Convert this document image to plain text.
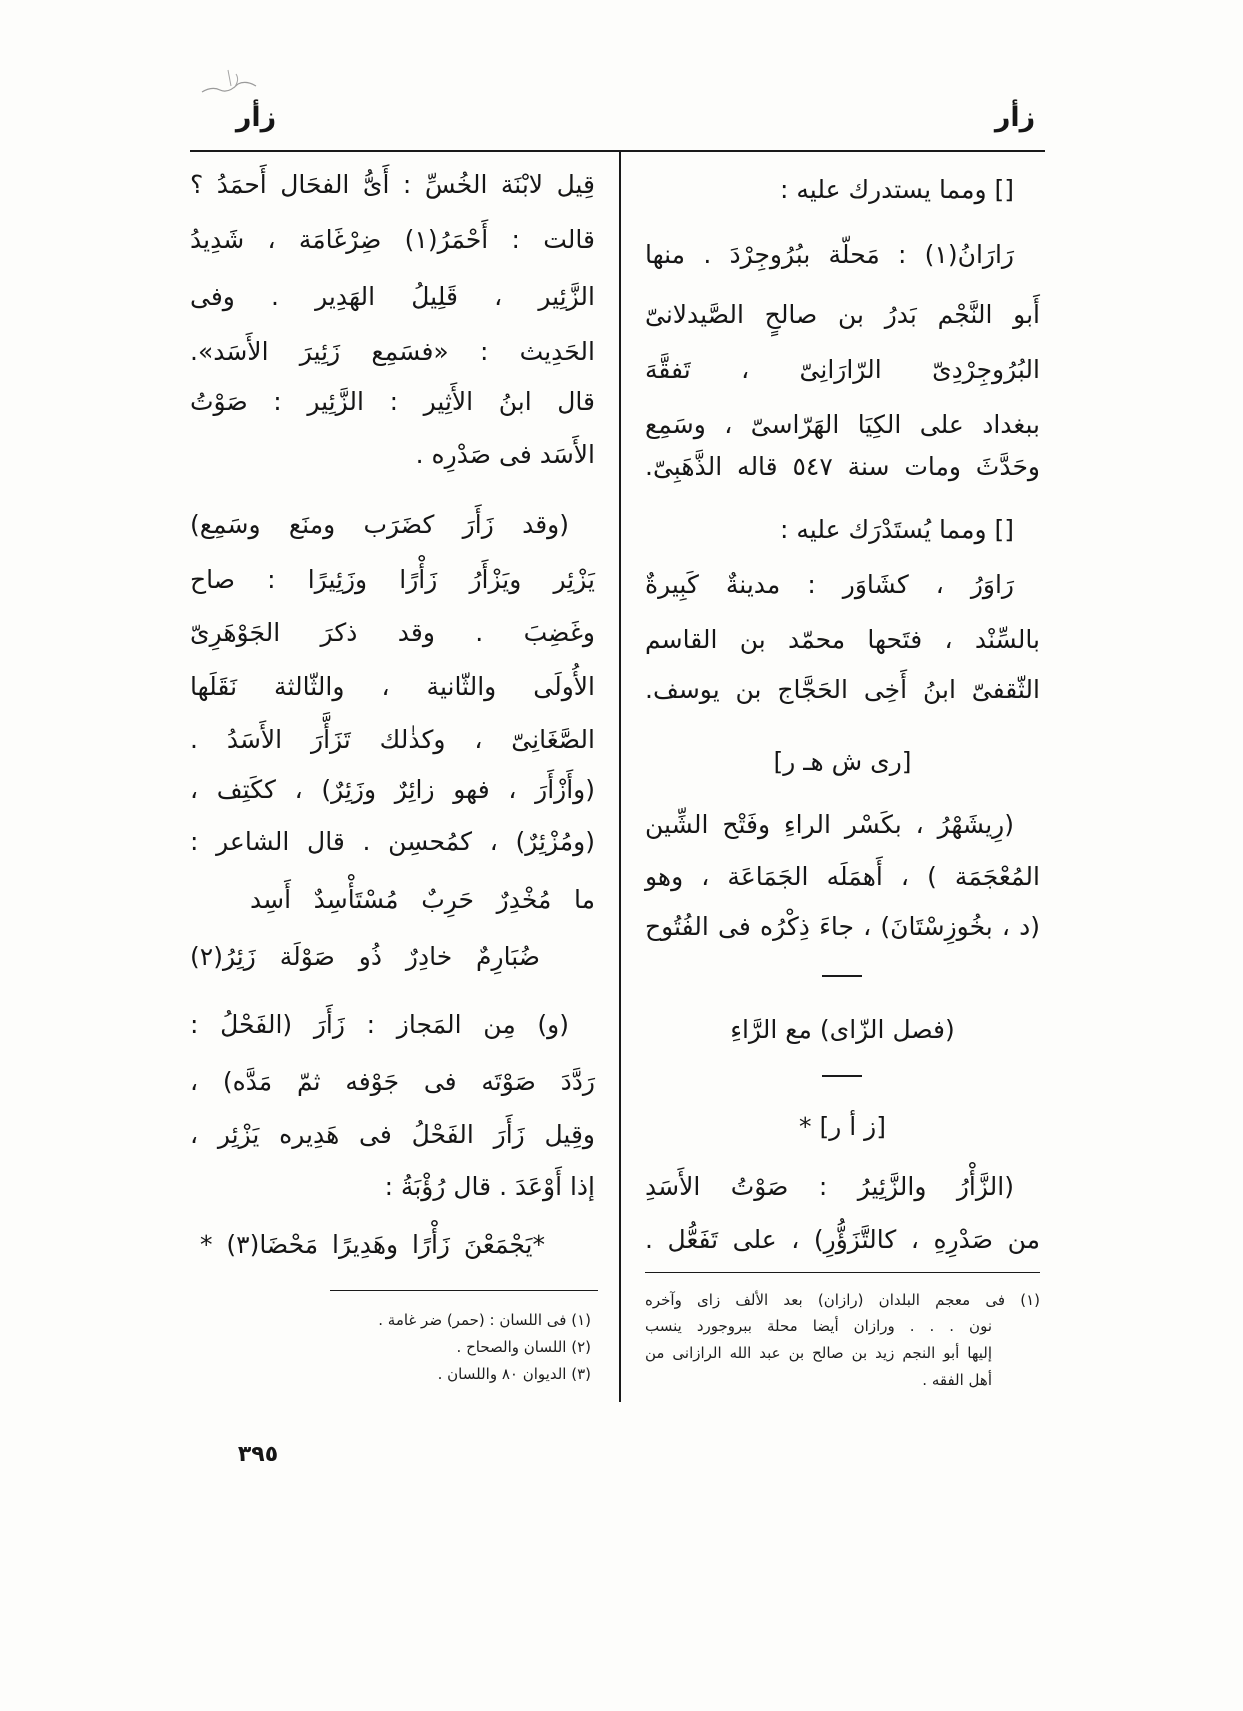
زأر
زأر
[] ومما يستدرك عليه :
رَارَانُ(١) : مَحلّة ببُرُوجِرْدَ . منها
أَبو النَّجْم بَدرُ بن صالحٍ الصَّيدلانىّ
البُرُوجِرْدِىّ الرّارَانِىّ ، تَفقَّهَ
ببغداد على الكِيَا الهَرّاسىّ ، وسَمِع
وحَدَّثَ ومات سنة ٥٤٧ قاله الذَّهَبِىّ.
[] ومما يُستَدْرَك عليه :
رَاوَرُ ، كشَاوَر : مدينةٌ كَبِيرةٌ
بالسِّنْد ، فتَحها محمّد بن القاسم
الثّقفىّ ابنُ أَخِى الحَجَّاج بن يوسف.
[رى ش هـ ر]
(رِيشَهْرُ ، بكَسْر الراءِ وفَتْح الشِّين
المُعْجَمَة ) ، أَهمَلَه الجَمَاعَة ، وهو
(د ، بخُوزِسْتَانَ) ، جاءَ ذِكْرُه فى الفُتُوح
(فصل الزّاى) مع الرَّاءِ
[ز أ ر] *
(الزَّأْرُ والزَّئِيرُ : صَوْتُ الأَسَدِ
من صَدْرِهِ ، كالتَّزَؤُّرِ) ، على تَفَعُّل .
(١) فى معجم البلدان (رازان) بعد الألف زاى وآخره
نون . . . ورازان أيضا محلة ببروجورد ينسب
إليها أبو النجم زيد بن صالح بن عبد الله الرازانى من
أهل الفقه .
قِيل لابْنَة الخُسِّ : أَىُّ الفحَال أَحمَدُ ؟
قالت : أَحْمَرُ(١) ضِرْغَامَة ، شَدِيدُ
الزَّئِير ، قَلِيلُ الهَدِير . وفى
الحَدِيث : «فسَمِع زَئِيرَ الأَسَد».
قال ابنُ الأَثِير : الزَّئِير : صَوْتُ
الأَسَد فى صَدْرِه .
(وقد زَأَرَ كضَرَب ومنَع وسَمِع)
يَزْئِر ويَزْأَرُ زَأْرًا وزَئِيرًا : صاح
وغَضِبَ . وقد ذكرَ الجَوْهَرِىّ
الأُولَى والثّانية ، والثّالثة نَقَلَها
الصَّغَانِىّ ، وكذٰلك تَزَأَّرَ الأَسَدُ .
(وأَزْأَرَ ، فهو زائِرٌ وزَئِرٌ) ، ككَتِف ،
(ومُزْئِرٌ) ، كمُحسِن . قال الشاعر :
ما مُخْدِرٌ حَرِبٌ مُسْتَأْسِدٌ أَسِد
ضُبَارِمٌ خادِرٌ ذُو صَوْلَة زَئِرُ(٢)
(و) مِن المَجاز : زَأَرَ (الفَحْلُ :
رَدَّدَ صَوْتَه فى جَوْفه ثمّ مَدَّه) ،
وقِيل زَأَرَ الفَحْلُ فى هَدِيره يَزْئِر ،
إذا أَوْعَدَ . قال رُؤْبَةُ :
*يَجْمَعْنَ زَأْرًا وهَدِيرًا مَحْضَا(٣) *
(١) فى اللسان : (حمر) ضر غامة .
(٢) اللسان والصحاح .
(٣) الديوان ٨٠ واللسان .
٣٩٥
